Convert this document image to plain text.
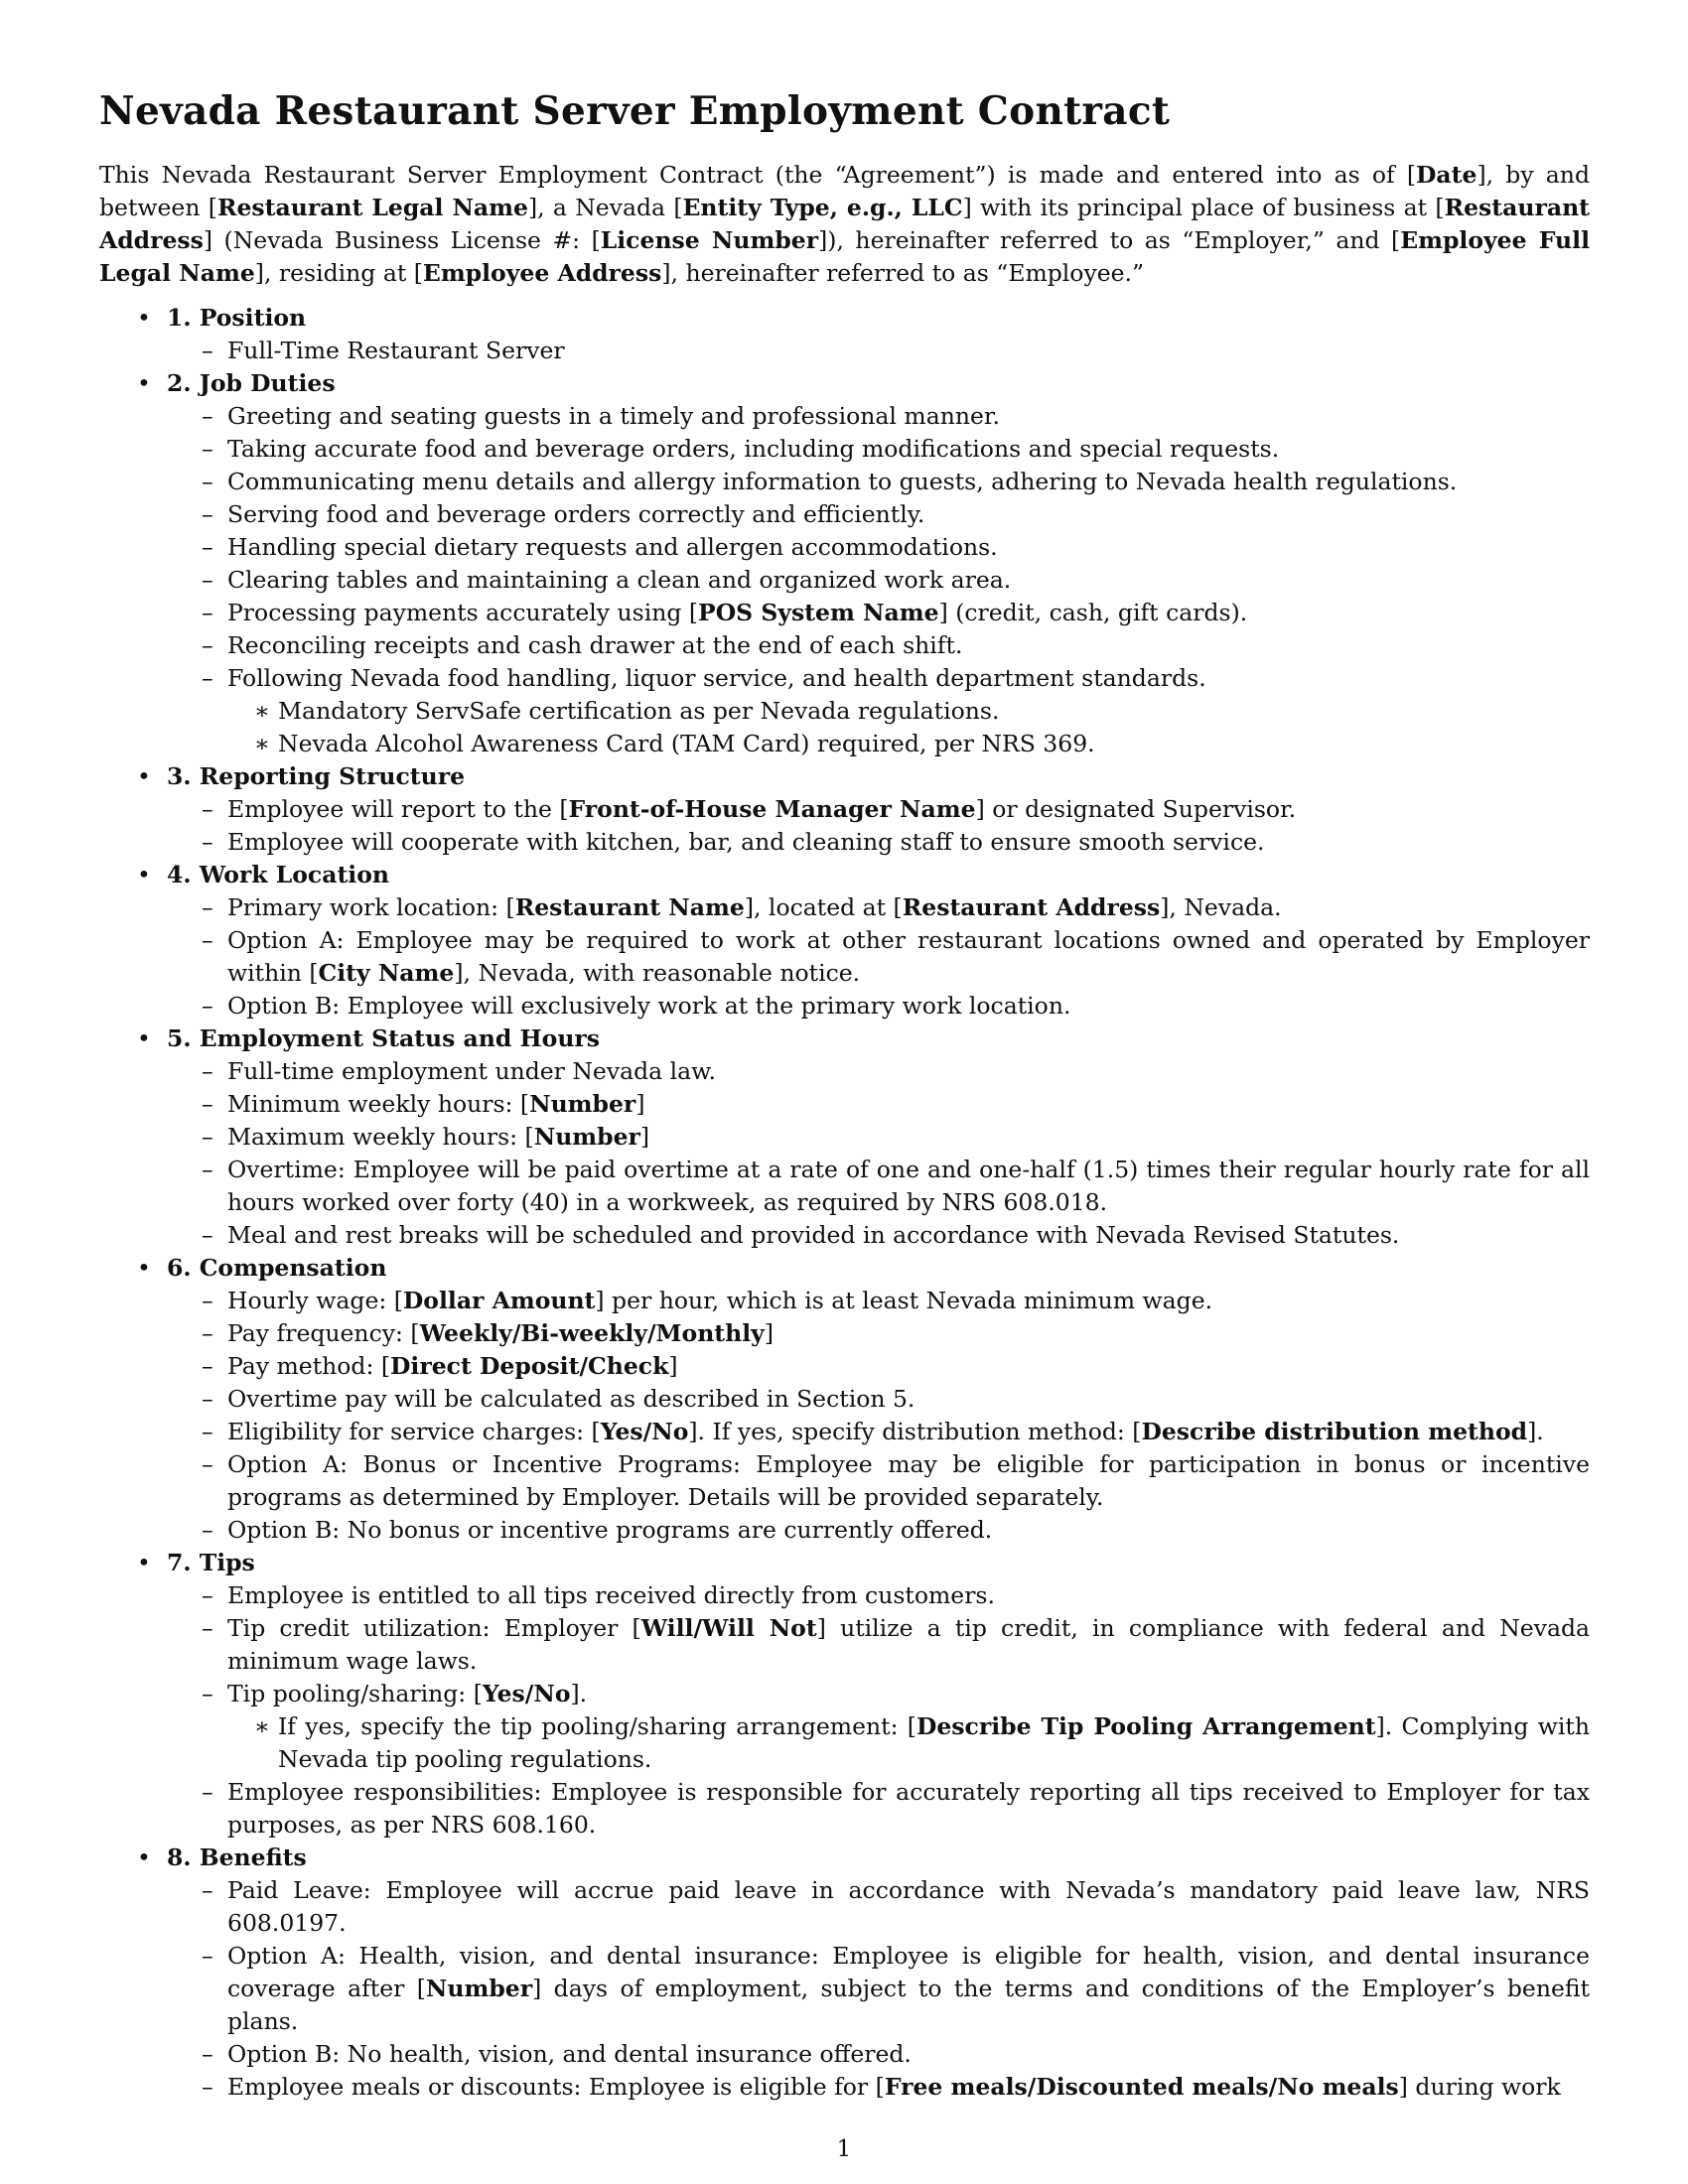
Nevada Restaurant Server Employment Contract

This Nevada Restaurant Server Employment Contract (the “Agreement”) is made and entered into as of [Date], by and between [Restaurant Legal Name], a Nevada [Entity Type, e.g., LLC] with its principal place of business at [Restaurant Address] (Nevada Business License #: [License Number]), hereinafter referred to as “Employer,” and [Employee Full Legal Name], residing at [Employee Address], hereinafter referred to as “Employee.”

• 1. Position
– Full-Time Restaurant Server
• 2. Job Duties
– Greeting and seating guests in a timely and professional manner.
– Taking accurate food and beverage orders, including modifications and special requests.
– Communicating menu details and allergy information to guests, adhering to Nevada health regulations.
– Serving food and beverage orders correctly and efficiently.
– Handling special dietary requests and allergen accommodations.
– Clearing tables and maintaining a clean and organized work area.
– Processing payments accurately using [POS System Name] (credit, cash, gift cards).
– Reconciling receipts and cash drawer at the end of each shift.
– Following Nevada food handling, liquor service, and health department standards.
∗ Mandatory ServSafe certification as per Nevada regulations.
∗ Nevada Alcohol Awareness Card (TAM Card) required, per NRS 369.
• 3. Reporting Structure
– Employee will report to the [Front-of-House Manager Name] or designated Supervisor.
– Employee will cooperate with kitchen, bar, and cleaning staff to ensure smooth service.
• 4. Work Location
– Primary work location: [Restaurant Name], located at [Restaurant Address], Nevada.
– Option A: Employee may be required to work at other restaurant locations owned and operated by Employer within [City Name], Nevada, with reasonable notice.
– Option B: Employee will exclusively work at the primary work location.
• 5. Employment Status and Hours
– Full-time employment under Nevada law.
– Minimum weekly hours: [Number]
– Maximum weekly hours: [Number]
– Overtime: Employee will be paid overtime at a rate of one and one-half (1.5) times their regular hourly rate for all hours worked over forty (40) in a workweek, as required by NRS 608.018.
– Meal and rest breaks will be scheduled and provided in accordance with Nevada Revised Statutes.
• 6. Compensation
– Hourly wage: [Dollar Amount] per hour, which is at least Nevada minimum wage.
– Pay frequency: [Weekly/Bi-weekly/Monthly]
– Pay method: [Direct Deposit/Check]
– Overtime pay will be calculated as described in Section 5.
– Eligibility for service charges: [Yes/No]. If yes, specify distribution method: [Describe distribution method].
– Option A: Bonus or Incentive Programs: Employee may be eligible for participation in bonus or incentive programs as determined by Employer. Details will be provided separately.
– Option B: No bonus or incentive programs are currently offered.
• 7. Tips
– Employee is entitled to all tips received directly from customers.
– Tip credit utilization: Employer [Will/Will Not] utilize a tip credit, in compliance with federal and Nevada minimum wage laws.
– Tip pooling/sharing: [Yes/No].
∗ If yes, specify the tip pooling/sharing arrangement: [Describe Tip Pooling Arrangement]. Complying with Nevada tip pooling regulations.
– Employee responsibilities: Employee is responsible for accurately reporting all tips received to Employer for tax purposes, as per NRS 608.160.
• 8. Benefits
– Paid Leave: Employee will accrue paid leave in accordance with Nevada’s mandatory paid leave law, NRS 608.0197.
– Option A: Health, vision, and dental insurance: Employee is eligible for health, vision, and dental insurance coverage after [Number] days of employment, subject to the terms and conditions of the Employer’s benefit plans.
– Option B: No health, vision, and dental insurance offered.
– Employee meals or discounts: Employee is eligible for [Free meals/Discounted meals/No meals] during work
1
